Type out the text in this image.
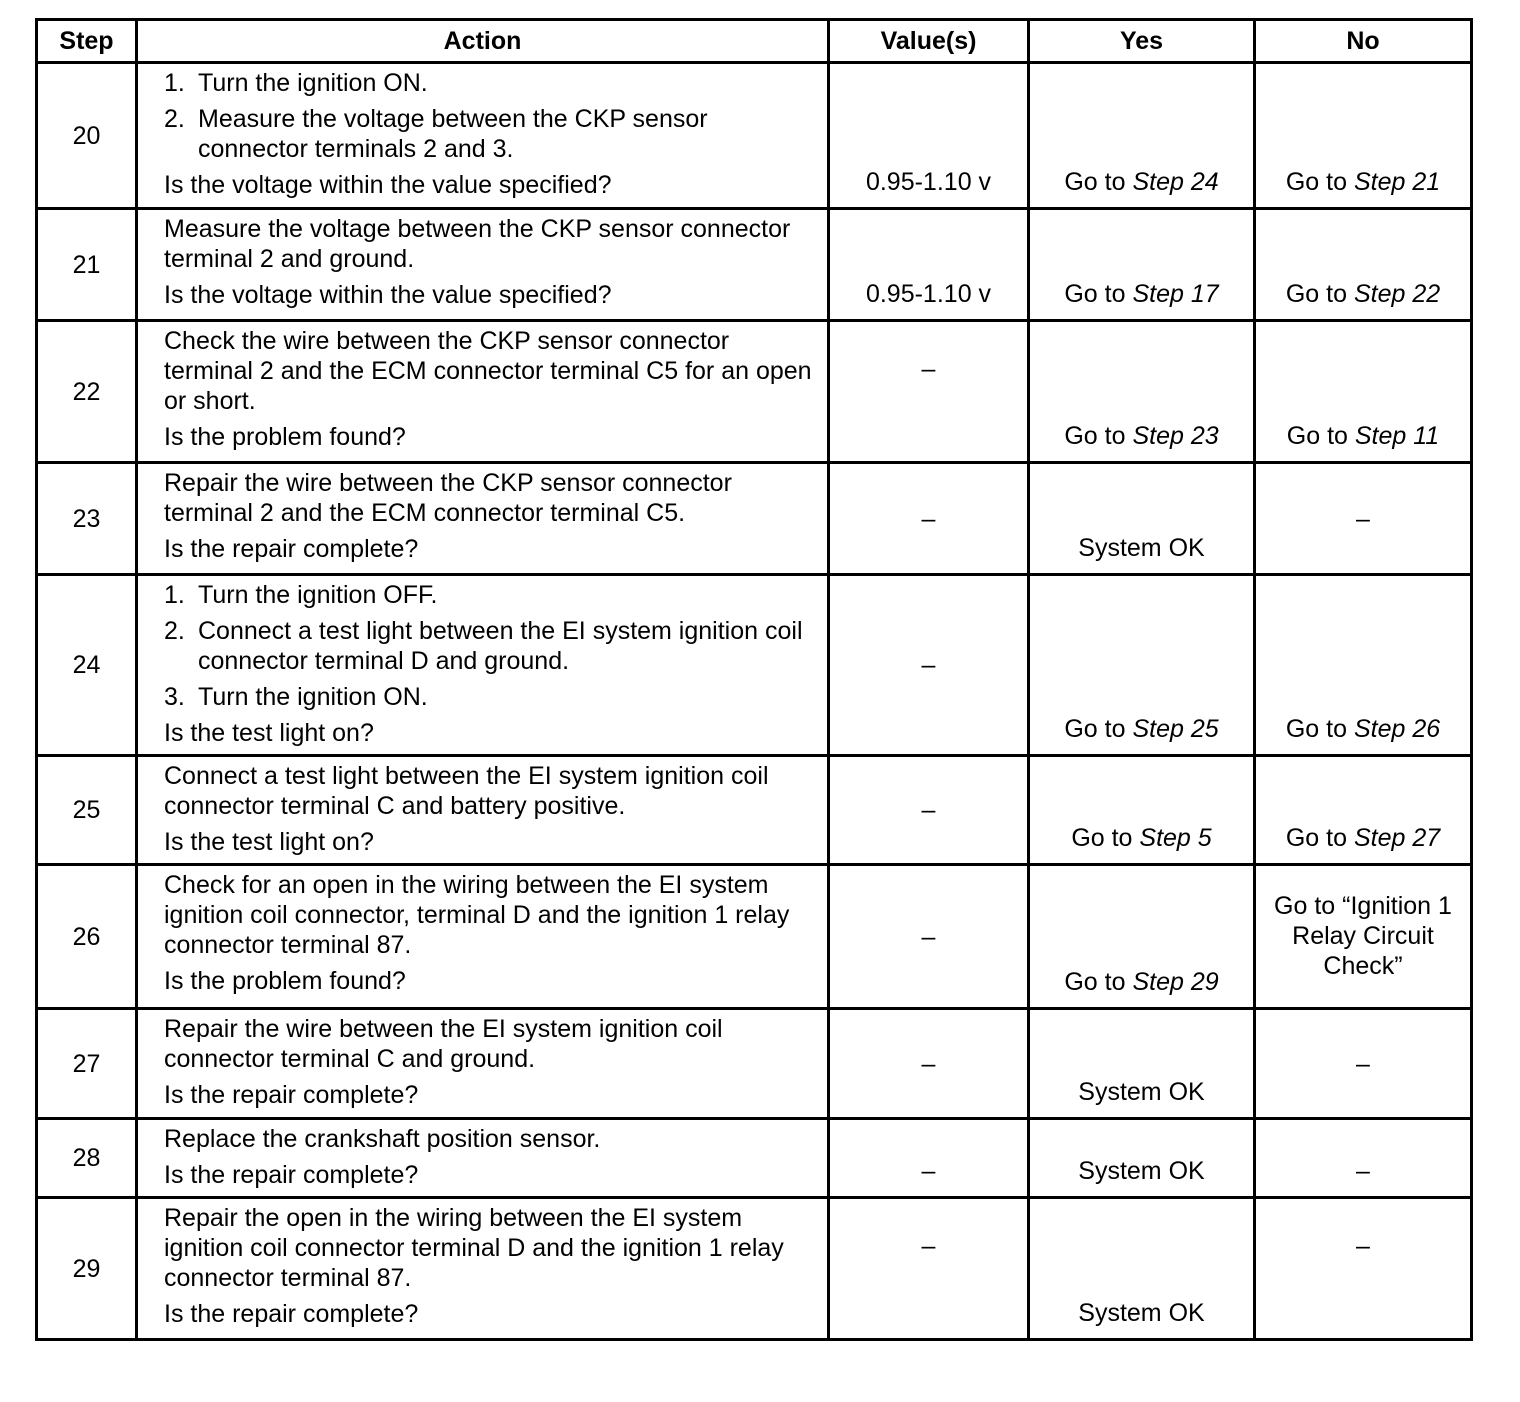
Step	Action	Value(s)	Yes	No
20	1. Turn the ignition ON.
2. Measure the voltage between the CKP sensor connector terminals 2 and 3.
Is the voltage within the value specified?	0.95-1.10 v	Go to Step 24	Go to Step 21

21	Measure the voltage between the CKP sensor connector terminal 2 and ground.
Is the voltage within the value specified?	0.95-1.10 v	Go to Step 17	Go to Step 22

22	Check the wire between the CKP sensor connector terminal 2 and the ECM connector terminal C5 for an open or short.
Is the problem found?	–	Go to Step 23	Go to Step 11

23	Repair the wire between the CKP sensor connector terminal 2 and the ECM connector terminal C5.
Is the repair complete?	–	System OK	–

24	1. Turn the ignition OFF.
2. Connect a test light between the EI system ignition coil connector terminal D and ground.
3. Turn the ignition ON.
Is the test light on?	–	Go to Step 25	Go to Step 26

25	Connect a test light between the EI system ignition coil connector terminal C and battery positive.
Is the test light on?	–	Go to Step 5	Go to Step 27

26	Check for an open in the wiring between the EI system ignition coil connector, terminal D and the ignition 1 relay connector terminal 87.
Is the problem found?	–	Go to Step 29	Go to “Ignition 1 Relay Circuit Check”

27	Repair the wire between the EI system ignition coil connector terminal C and ground.
Is the repair complete?	–	System OK	–

28	Replace the crankshaft position sensor.
Is the repair complete?	–	System OK	–

29	Repair the open in the wiring between the EI system ignition coil connector terminal D and the ignition 1 relay connector terminal 87.
Is the repair complete?	–	System OK	–
